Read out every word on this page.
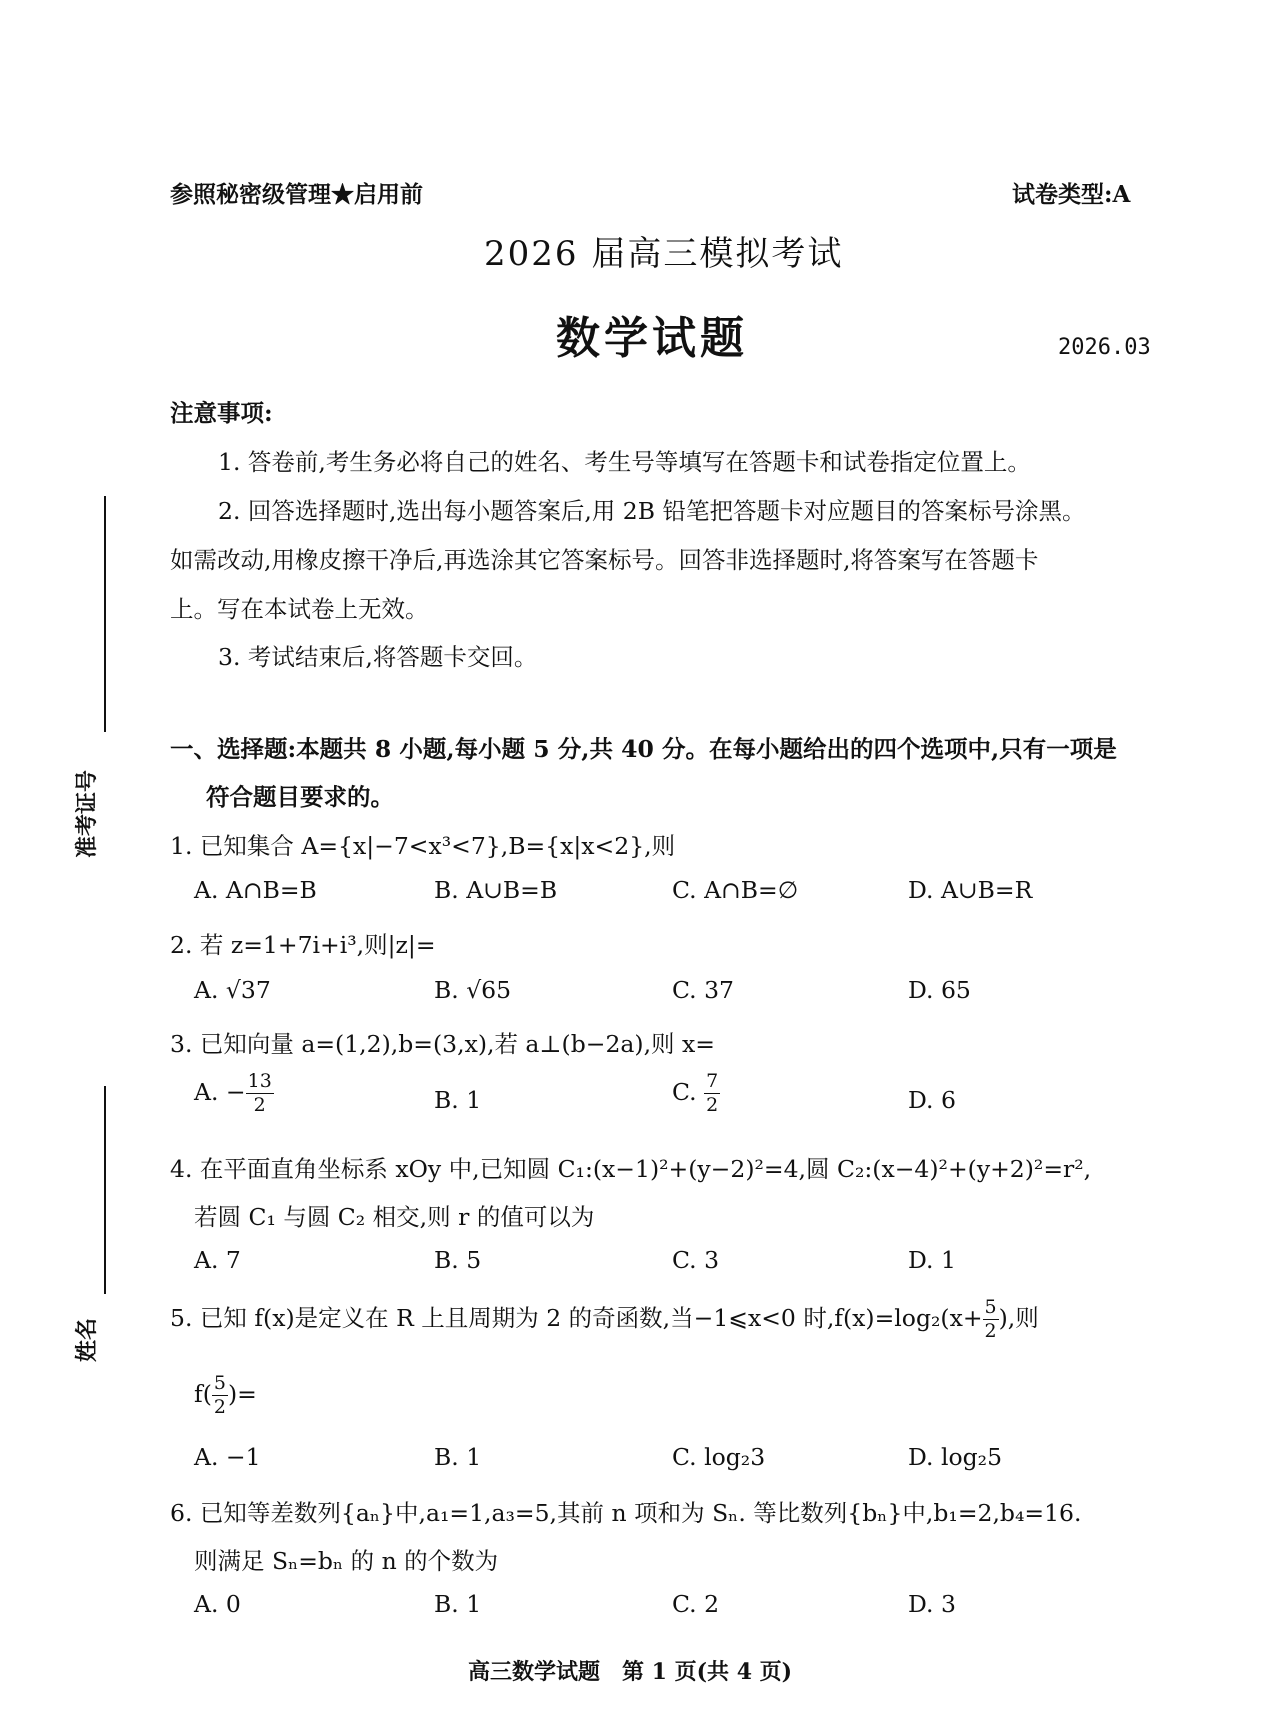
参照秘密级管理★启用前	试卷类型:A
2026 届高三模拟考试
数学试题	2026.03
准考证号
姓名
注意事项:
1. 答卷前,考生务必将自己的姓名、考生号等填写在答题卡和试卷指定位置上。
2. 回答选择题时,选出每小题答案后,用 2B 铅笔把答题卡对应题目的答案标号涂黑。
如需改动,用橡皮擦干净后,再选涂其它答案标号。回答非选择题时,将答案写在答题卡
上。写在本试卷上无效。
3. 考试结束后,将答题卡交回。
一、选择题:本题共 8 小题,每小题 5 分,共 40 分。在每小题给出的四个选项中,只有一项是
符合题目要求的。
1. 已知集合 A={x|−7<x³<7},B={x|x<2},则
A. A∩B=B	B. A∪B=B	C. A∩B=∅	D. A∪B=R
2. 若 z=1+7i+i³,则|z|=
A. √37	B. √65	C. 37	D. 65
3. 已知向量 a=(1,2),b=(3,x),若 a⊥(b−2a),则 x=
A. − $\frac{13}{2}$	B. 1	C. $\frac{7}{2}$	D. 6
4. 在平面直角坐标系 xOy 中,已知圆 C₁:(x−1)²+(y−2)²=4,圆 C₂:(x−4)²+(y+2)²=r²,
若圆 C₁ 与圆 C₂ 相交,则 r 的值可以为
A. 7	B. 5	C. 3	D. 1
5. 已知 f(x)是定义在 R 上且周期为 2 的奇函数,当−1⩽x<0 时$,f(x)=\log_2(x+ \frac{5}{2}$ ),则
$f( \frac{5}{2}$ )=
A. −1	B. 1	C. log₂3	D. log₂5
6. 已知等差数列{aₙ}中,a₁=1,a₃=5,其前 n 项和为 Sₙ. 等比数列{bₙ}中,b₁=2,b₄=16.
则满足 Sₙ=bₙ 的 n 的个数为
A. 0	B. 1	C. 2	D. 3
高三数学试题　第 1 页(共 4 页)
